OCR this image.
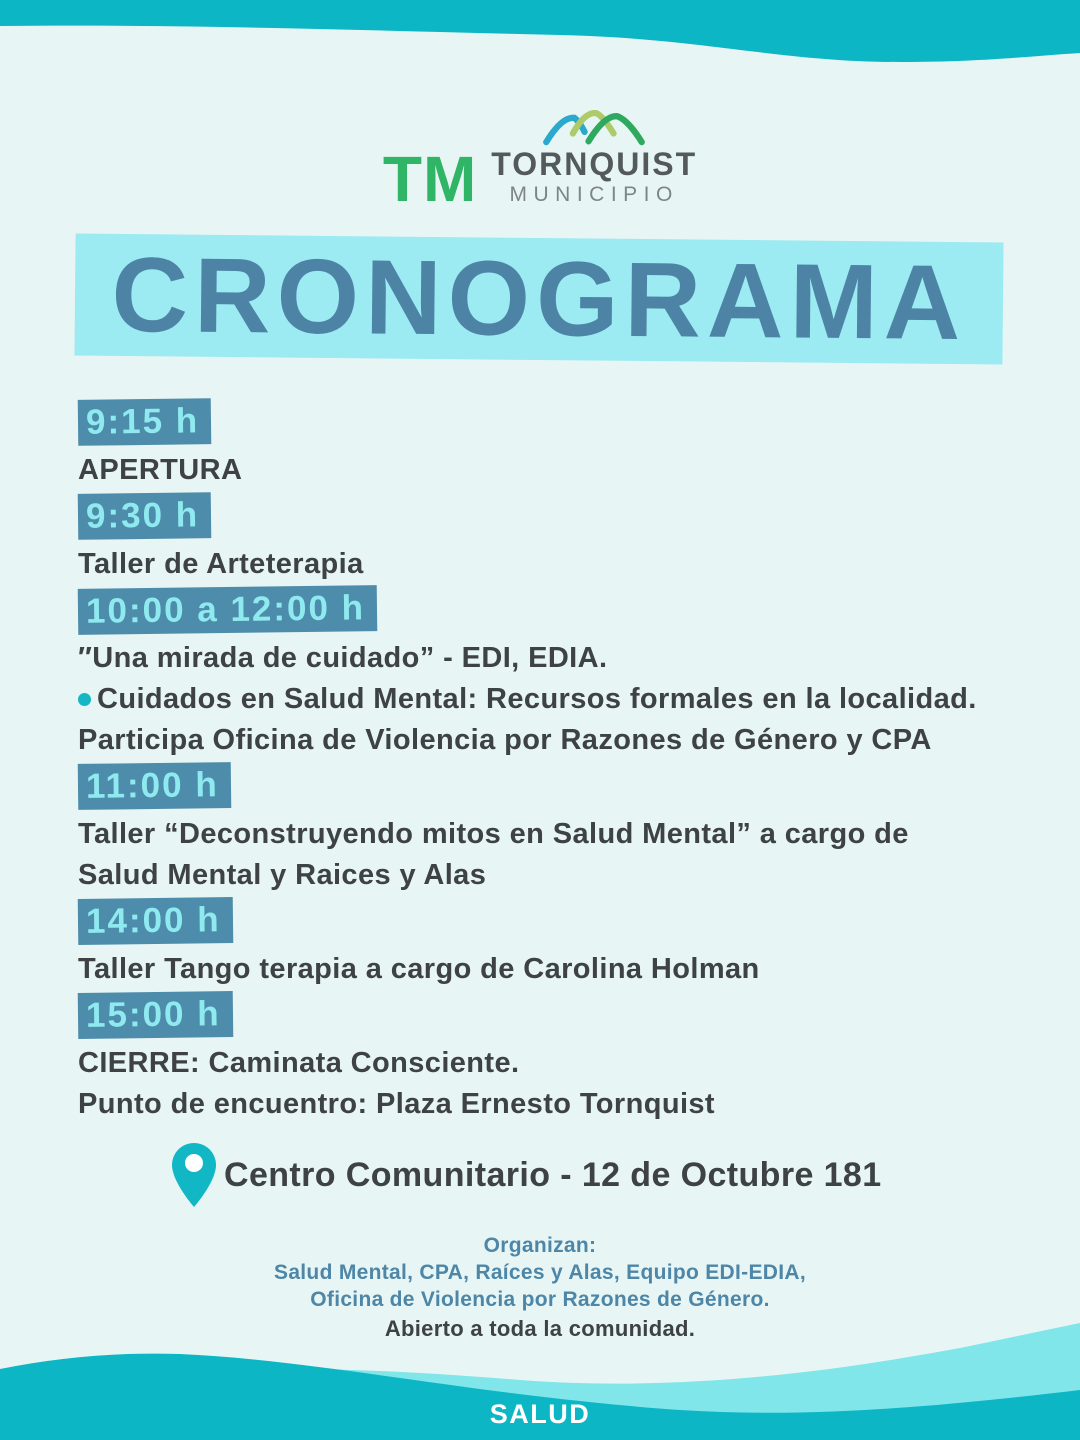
TM TORNQUIST
MUNICIPIO
CRONOGRAMA
9:15 h

APERTURA

9:30 h

Taller de Arteterapia

10:00 a 12:00 h

″Una mirada de cuidado” - EDI, EDIA.

Cuidados en Salud Mental: Recursos formales en la localidad.

Participa Oficina de Violencia por Razones de Género y CPA

11:00 h

Taller “Deconstruyendo mitos en Salud Mental” a cargo de

Salud Mental y Raices y Alas

14:00 h

Taller Tango terapia a cargo de Carolina Holman

15:00 h

CIERRE: Caminata Consciente.

Punto de encuentro: Plaza Ernesto Tornquist

Centro Comunitario - 12 de Octubre 181

Organizan:

Salud Mental, CPA, Raíces y Alas, Equipo EDI-EDIA,

Oficina de Violencia por Razones de Género.

Abierto a toda la comunidad.

SALUD
